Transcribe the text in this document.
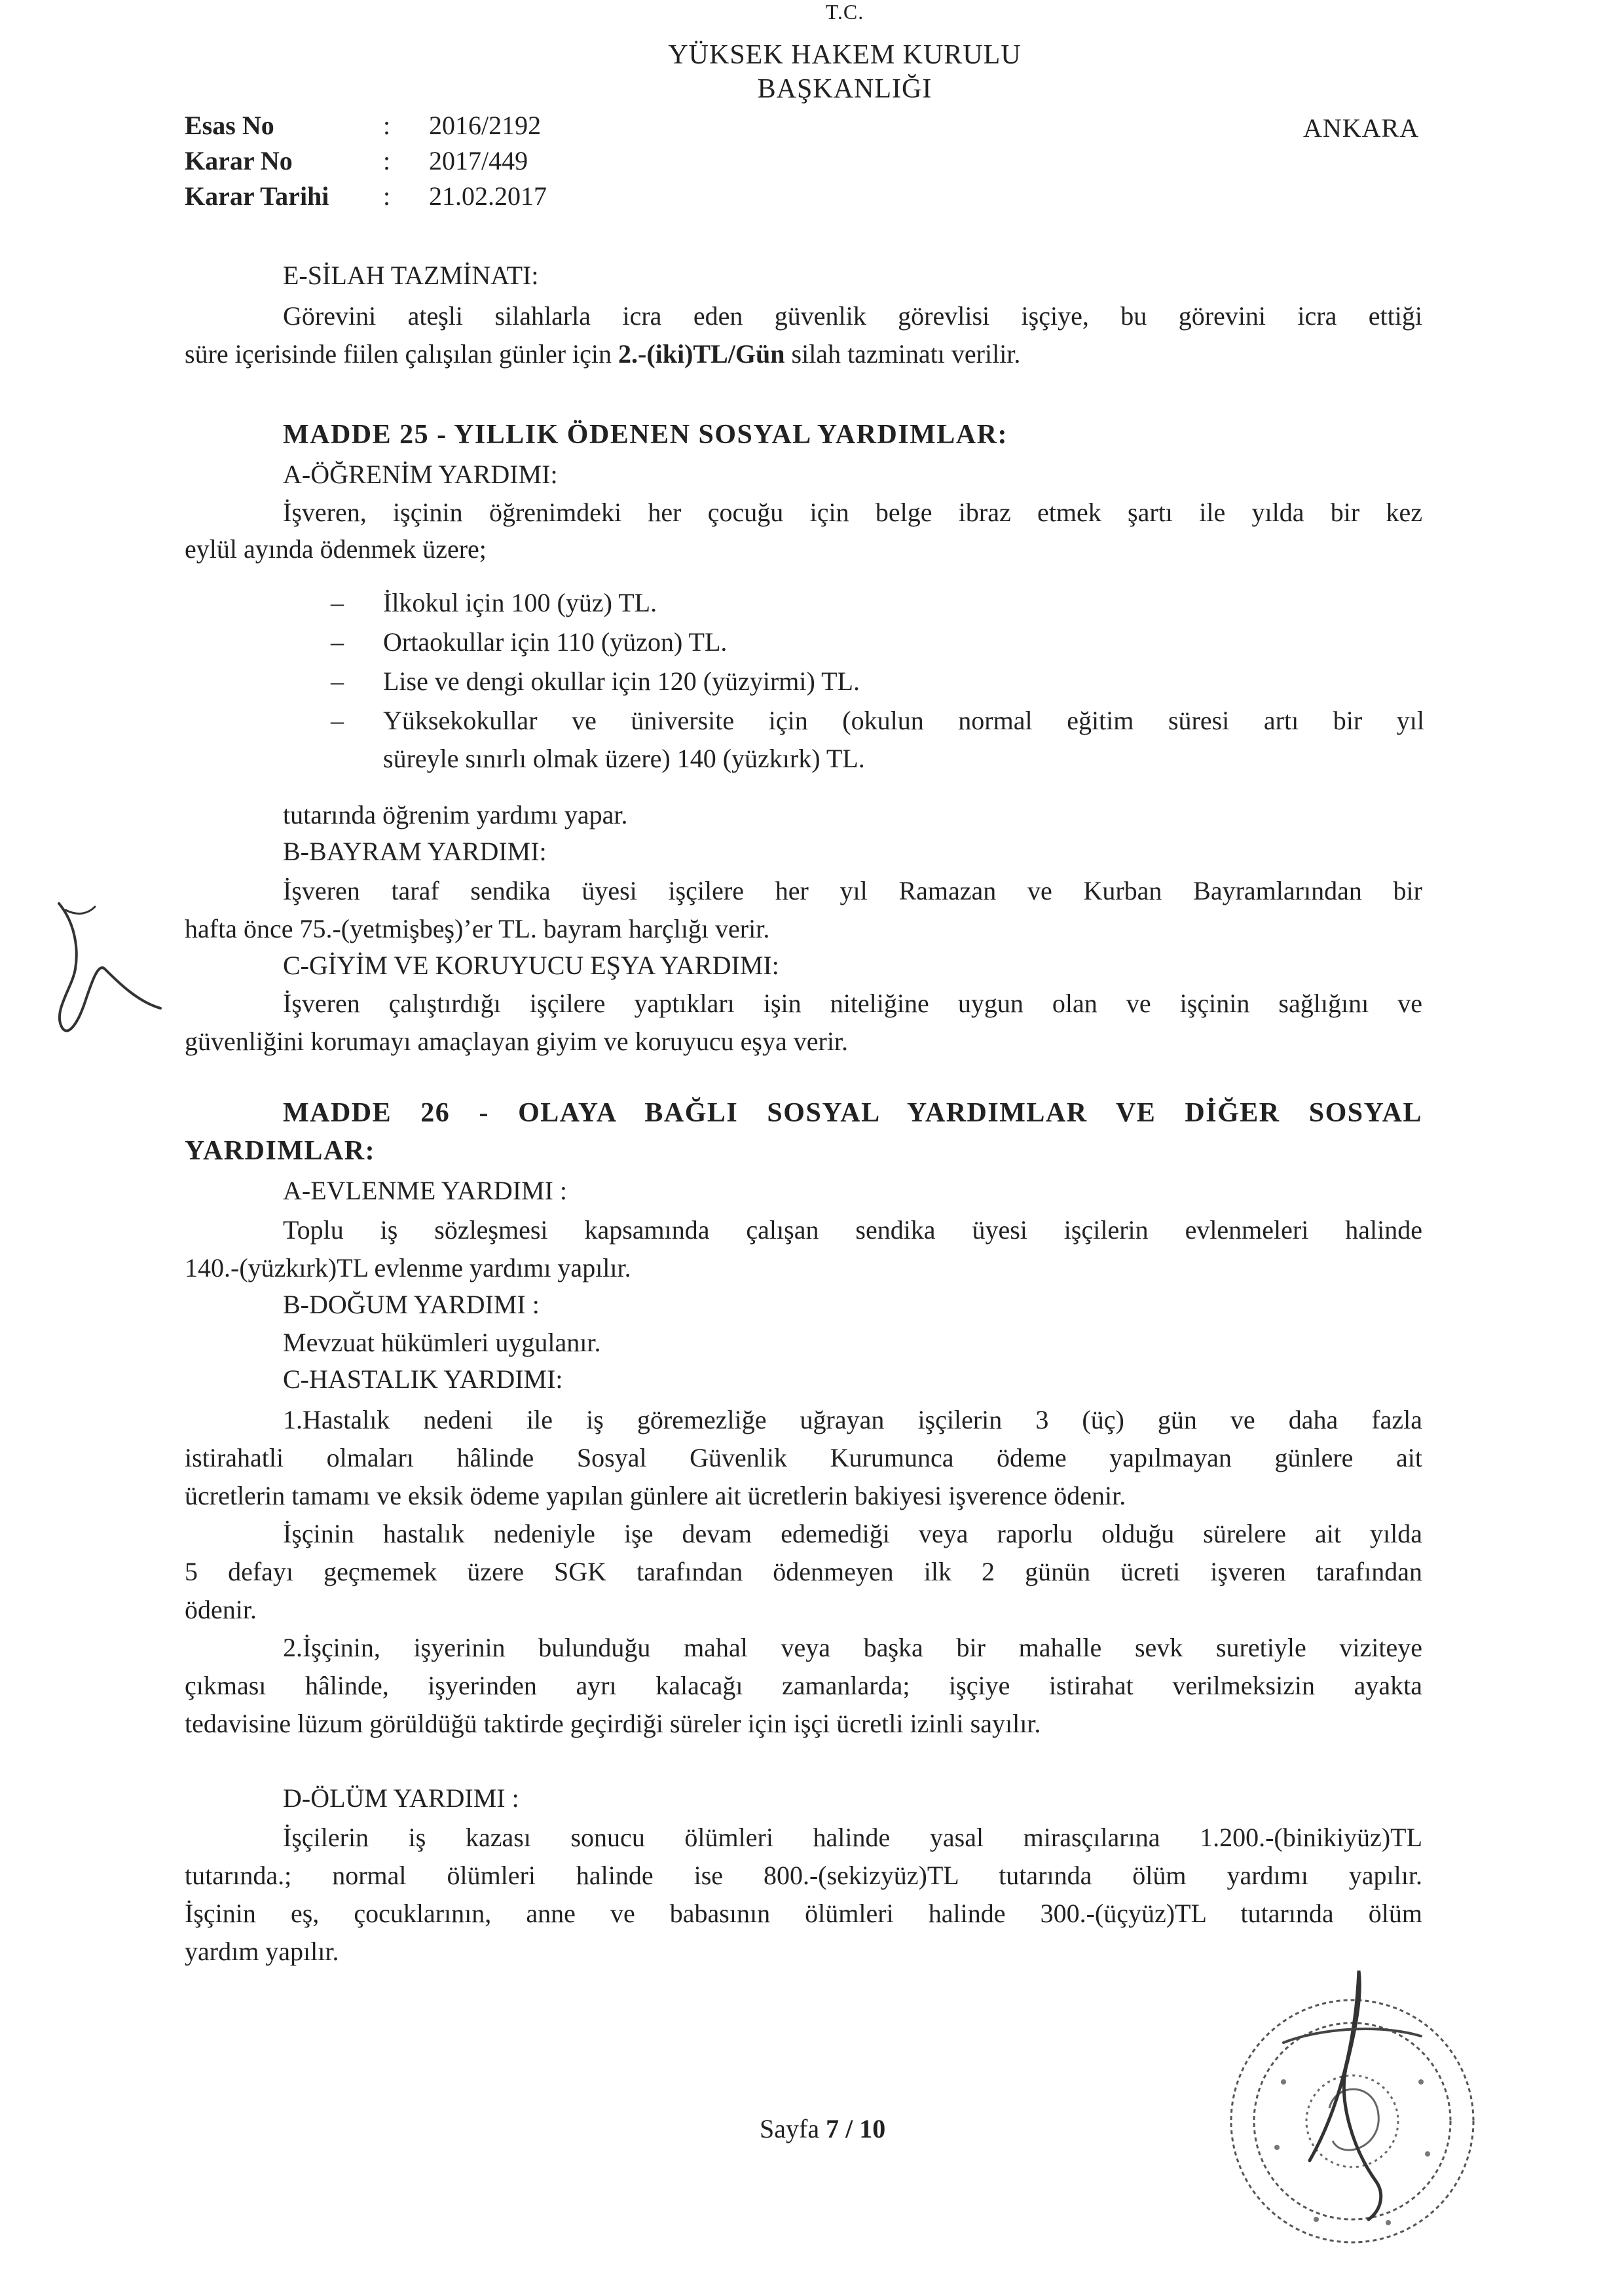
T.C.
YÜKSEK HAKEM KURULU
BAŞKANLIĞI
Esas No	: 2016/2192
Karar No	: 2017/449
Karar Tarihi : 21.02.2017
ANKARA
E-SİLAH TAZMİNATI:
Görevini ateşli silahlarla icra eden güvenlik görevlisi işçiye, bu görevini icra ettiği
süre içerisinde fiilen çalışılan günler için 2.-(iki)TL/Gün silah tazminatı verilir.
MADDE 25 - YILLIK ÖDENEN SOSYAL YARDIMLAR:
A-ÖĞRENİM YARDIMI:
İşveren, işçinin öğrenimdeki her çocuğu için belge ibraz etmek şartı ile yılda bir kez
eylül ayında ödenmek üzere;
– İlkokul için 100 (yüz) TL.
– Ortaokullar için 110 (yüzon) TL.
– Lise ve dengi okullar için 120 (yüzyirmi) TL.
– Yüksekokullar ve üniversite için (okulun normal eğitim süresi artı bir yıl
süreyle sınırlı olmak üzere) 140 (yüzkırk) TL.
tutarında öğrenim yardımı yapar.
B-BAYRAM YARDIMI:
İşveren taraf sendika üyesi işçilere her yıl Ramazan ve Kurban Bayramlarından bir
hafta önce 75.-(yetmişbeş)’er TL. bayram harçlığı verir.
C-GİYİM VE KORUYUCU EŞYA YARDIMI:
İşveren çalıştırdığı işçilere yaptıkları işin niteliğine uygun olan ve işçinin sağlığını ve
güvenliğini korumayı amaçlayan giyim ve koruyucu eşya verir.
MADDE 26 - OLAYA BAĞLI SOSYAL YARDIMLAR VE DİĞER SOSYAL
YARDIMLAR:
A-EVLENME YARDIMI :
Toplu iş sözleşmesi kapsamında çalışan sendika üyesi işçilerin evlenmeleri halinde
140.-(yüzkırk)TL evlenme yardımı yapılır.
B-DOĞUM YARDIMI :
Mevzuat hükümleri uygulanır.
C-HASTALIK YARDIMI:
1.Hastalık nedeni ile iş göremezliğe uğrayan işçilerin 3 (üç) gün ve daha fazla
istirahatli olmaları hâlinde Sosyal Güvenlik Kurumunca ödeme yapılmayan günlere ait
ücretlerin tamamı ve eksik ödeme yapılan günlere ait ücretlerin bakiyesi işverence ödenir.
İşçinin hastalık nedeniyle işe devam edemediği veya raporlu olduğu sürelere ait yılda
5 defayı geçmemek üzere SGK tarafından ödenmeyen ilk 2 günün ücreti işveren tarafından
ödenir.
2.İşçinin, işyerinin bulunduğu mahal veya başka bir mahalle sevk suretiyle viziteye
çıkması hâlinde, işyerinden ayrı kalacağı zamanlarda; işçiye istirahat verilmeksizin ayakta
tedavisine lüzum görüldüğü taktirde geçirdiği süreler için işçi ücretli izinli sayılır.
D-ÖLÜM YARDIMI :
İşçilerin iş kazası sonucu ölümleri halinde yasal mirasçılarına 1.200.-(binikiyüz)TL
tutarında.; normal ölümleri halinde ise 800.-(sekizyüz)TL tutarında ölüm yardımı yapılır.
İşçinin eş, çocuklarının, anne ve babasının ölümleri halinde 300.-(üçyüz)TL tutarında ölüm
yardım yapılır.
Sayfa 7 / 10
